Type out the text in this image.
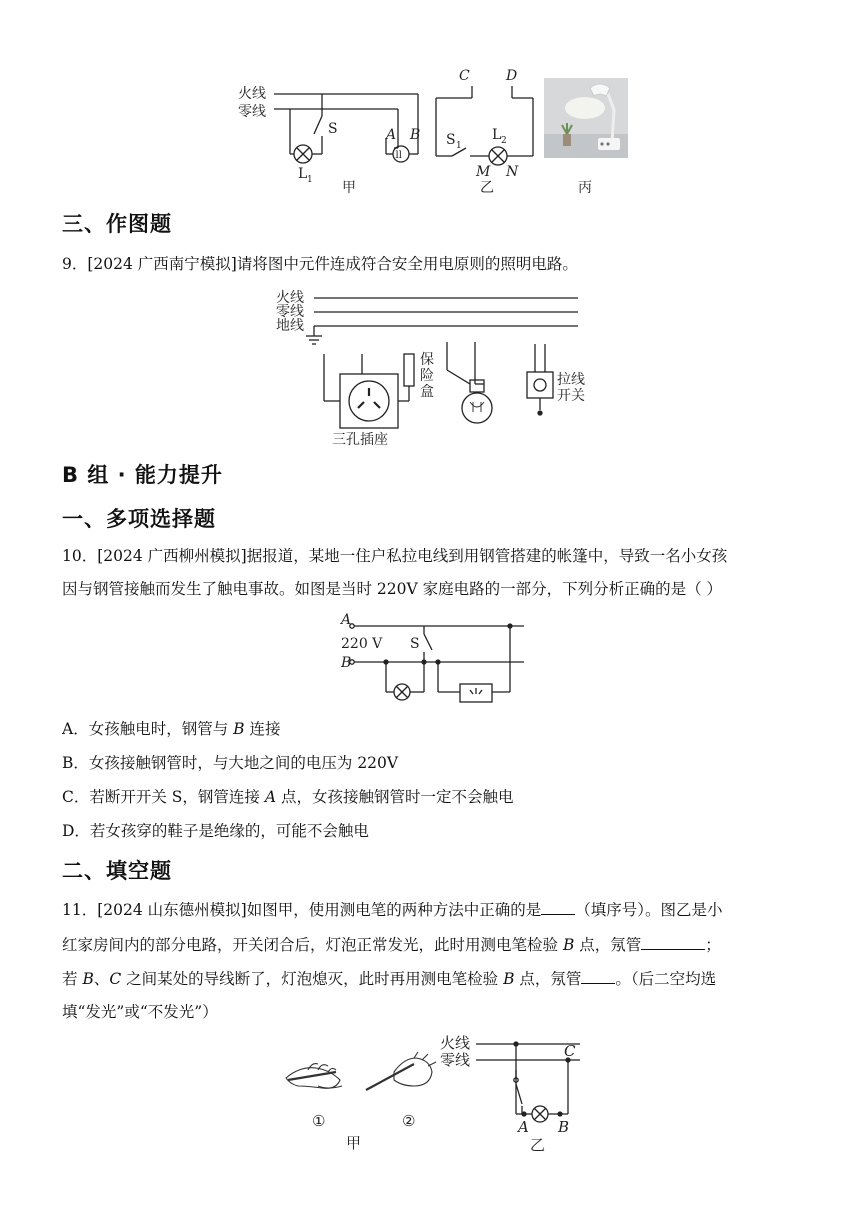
火线
零线
S
L 1
A B
ll
甲
C	D
S 1
L 2
M N
乙	丙
三、作图题
9．[2024 广西南宁模拟]请将图中元件连成符合安全用电原则的照明电路。
火线
零线
地线
保
险
盒
三孔插座
拉线
开关
B 组 · 能力提升
一、多项选择题
10．[2024 广西柳州模拟]据报道，某地一住户私拉电线到用钢管搭建的帐篷中，导致一名小女孩
因与钢管接触而发生了触电事故。如图是当时 220V 家庭电路的一部分，下列分析正确的是（ ）
A
220 V
B
S
A．女孩触电时，钢管与 B 连接
B．女孩接触钢管时，与大地之间的电压为 220V
C．若断开开关 S，钢管连接 A 点，女孩接触钢管时一定不会触电
D．若女孩穿的鞋子是绝缘的，可能不会触电
二、填空题
11．[2024 山东德州模拟]如图甲，使用测电笔的两种方法中正确的是 （填序号）。图乙是小
红家房间内的部分电路，开关闭合后，灯泡正常发光，此时用测电笔检验 B 点，氖管	；
若 B、C 之间某处的导线断了，灯泡熄灭，此时再用测电笔检验 B 点，氖管 。（后二空均选
填“发光”或“不发光”）
①	②
甲
火线
零线	C
A B
乙
